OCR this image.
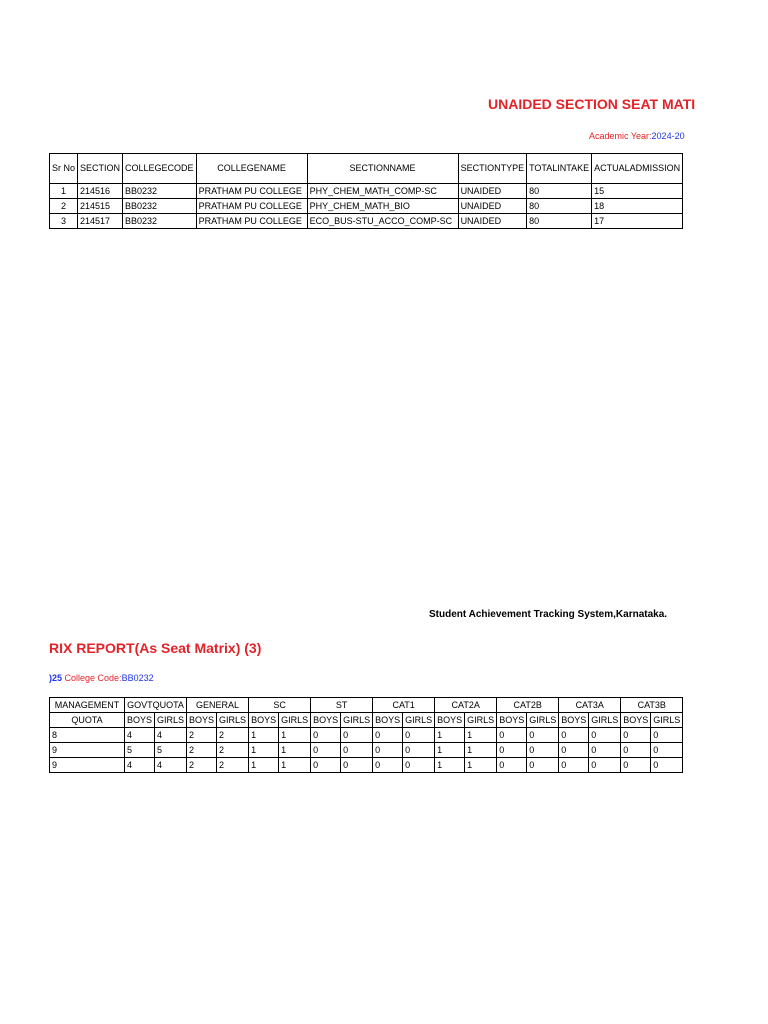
UNAIDED SECTION SEAT MATI
Academic Year:2024-20
Sr No	SECTION	COLLEGECODE	COLLEGENAME	SECTIONNAME	SECTIONTYPE	TOTALINTAKE	ACTUALADMISSION
1	214516	BB0232	PRATHAM PU COLLEGE	PHY_CHEM_MATH_COMP-SC	UNAIDED	80	15
2	214515	BB0232	PRATHAM PU COLLEGE	PHY_CHEM_MATH_BIO	UNAIDED	80	18
3	214517	BB0232	PRATHAM PU COLLEGE	ECO_BUS-STU_ACCO_COMP-SC	UNAIDED	80	17
Student Achievement Tracking System,Karnataka.
RIX REPORT(As Seat Matrix) (3)
)25 College Code:BB0232
MANAGEMENT	GOVTQUOTA		GENERAL		SC		ST		CAT1		CAT2A		CAT2B		CAT3A		CAT3B	
QUOTA	BOYS	GIRLS	BOYS	GIRLS	BOYS	GIRLS	BOYS	GIRLS	BOYS	GIRLS	BOYS	GIRLS	BOYS	GIRLS	BOYS	GIRLS	BOYS	GIRLS
8	4	4	2	2	1	1	0	0	0	0	1	1	0	0	0	0	0	0
9	5	5	2	2	1	1	0	0	0	0	1	1	0	0	0	0	0	0
9	4	4	2	2	1	1	0	0	0	0	1	1	0	0	0	0	0	0
